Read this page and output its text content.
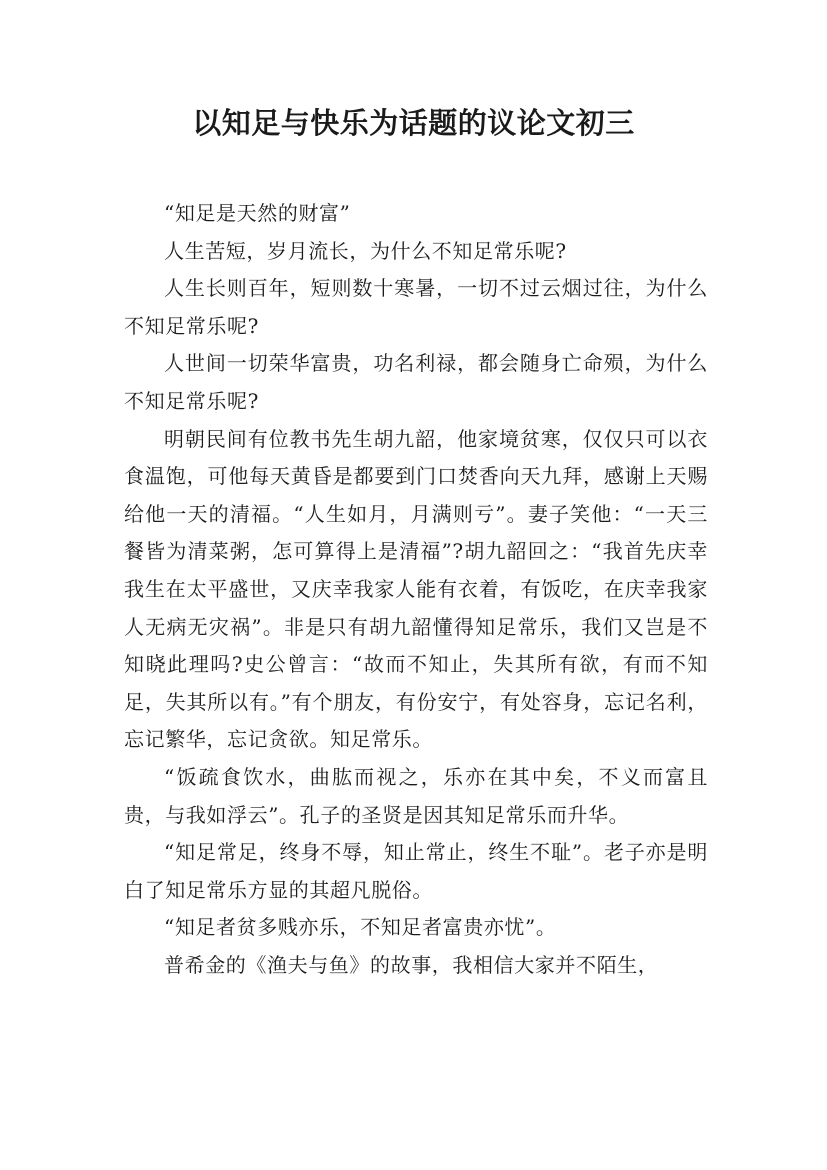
以知足与快乐为话题的议论文初三

“知足是天然的财富”

人生苦短，岁月流长，为什么不知足常乐呢?

人生长则百年，短则数十寒暑，一切不过云烟过往，为什么不知足常乐呢?

人世间一切荣华富贵，功名利禄，都会随身亡命殒，为什么不知足常乐呢?

明朝民间有位教书先生胡九韶，他家境贫寒，仅仅只可以衣食温饱，可他每天黄昏是都要到门口焚香向天九拜，感谢上天赐给他一天的清福。“人生如月，月满则亏”。妻子笑他：“一天三餐皆为清菜粥，怎可算得上是清福”?胡九韶回之：“我首先庆幸我生在太平盛世，又庆幸我家人能有衣着，有饭吃，在庆幸我家人无病无灾祸”。非是只有胡九韶懂得知足常乐，我们又岂是不知晓此理吗?史公曾言：“故而不知止，失其所有欲，有而不知足，失其所以有。”有个朋友，有份安宁，有处容身，忘记名利，忘记繁华，忘记贪欲。知足常乐。

“饭疏食饮水，曲肱而视之，乐亦在其中矣，不义而富且贵，与我如浮云”。孔子的圣贤是因其知足常乐而升华。

“知足常足，终身不辱，知止常止，终生不耻”。老子亦是明白了知足常乐方显的其超凡脱俗。

“知足者贫多贱亦乐，不知足者富贵亦忧”。

普希金的《渔夫与鱼》的故事，我相信大家并不陌生，
